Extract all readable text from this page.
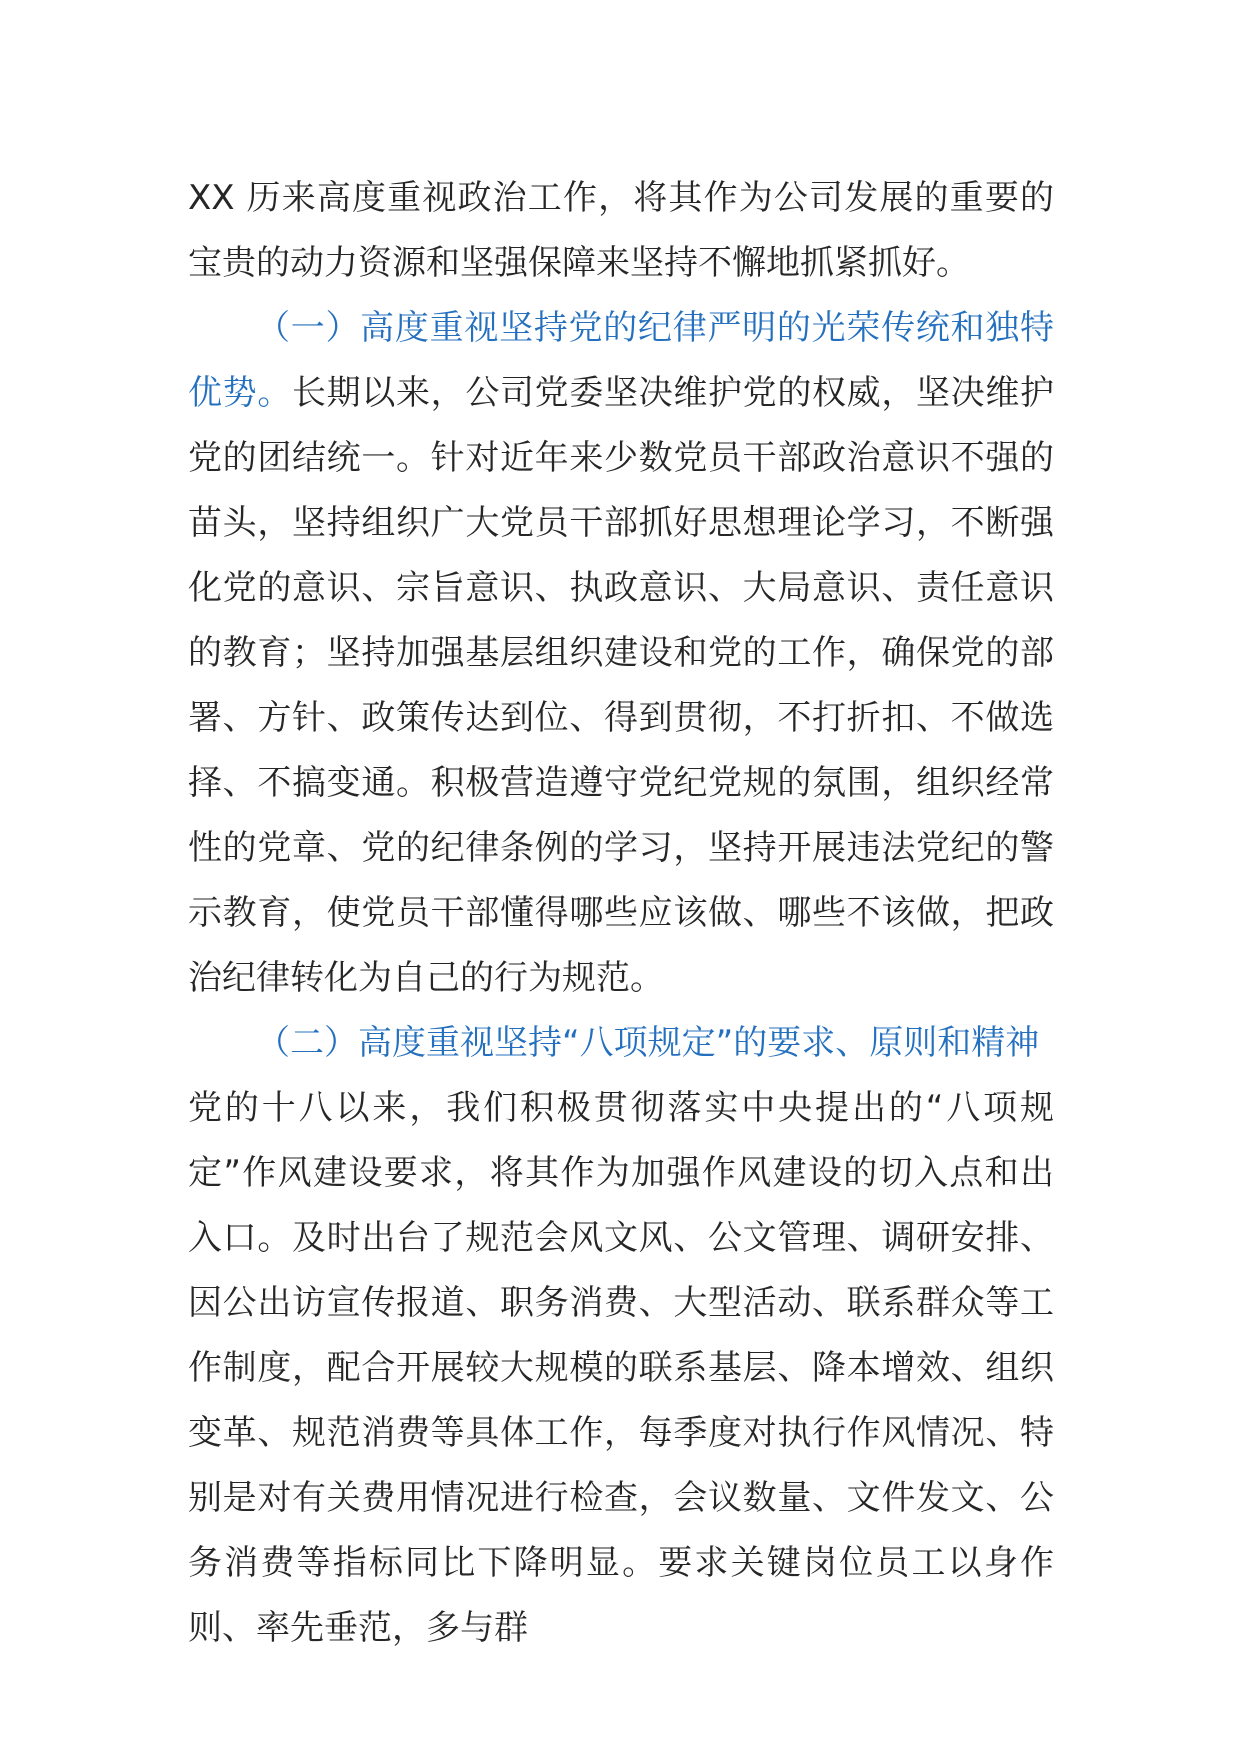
XX 历来高度重视政治工作，将其作为公司发展的重要的宝贵的动力资源和坚强保障来坚持不懈地抓紧抓好。

（一）高度重视坚持党的纪律严明的光荣传统和独特优势。长期以来，公司党委坚决维护党的权威，坚决维护党的团结统一。针对近年来少数党员干部政治意识不强的苗头，坚持组织广大党员干部抓好思想理论学习，不断强化党的意识、宗旨意识、执政意识、大局意识、责任意识的教育；坚持加强基层组织建设和党的工作，确保党的部署、方针、政策传达到位、得到贯彻，不打折扣、不做选择、不搞变通。积极营造遵守党纪党规的氛围，组织经常性的党章、党的纪律条例的学习，坚持开展违法党纪的警示教育，使党员干部懂得哪些应该做、哪些不该做，把政治纪律转化为自己的行为规范。

（二）高度重视坚持“八项规定”的要求、原则和精神

党的十八以来，我们积极贯彻落实中央提出的“八项规定”作风建设要求，将其作为加强作风建设的切入点和出入口。及时出台了规范会风文风、公文管理、调研安排、因公出访宣传报道、职务消费、大型活动、联系群众等工作制度，配合开展较大规模的联系基层、降本增效、组织变革、规范消费等具体工作，每季度对执行作风情况、特别是对有关费用情况进行检查，会议数量、文件发文、公务消费等指标同比下降明显。要求关键岗位员工以身作则、率先垂范，多与群
